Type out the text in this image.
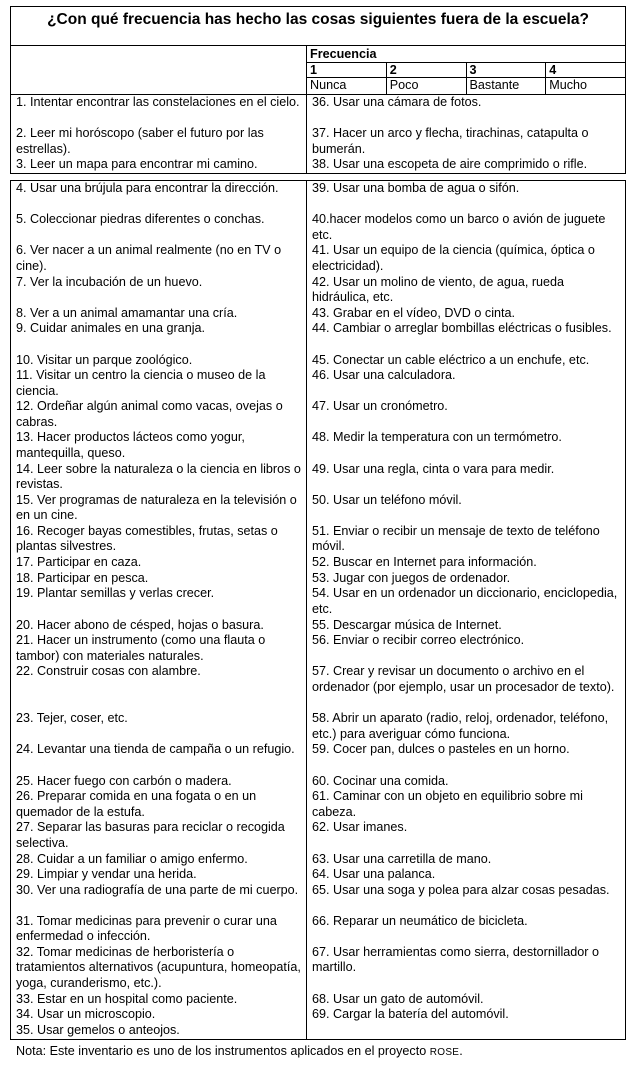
¿Con qué frecuencia has hecho las cosas siguientes fuera de la escuela?
Frecuencia
1
Nunca
2
Poco
3
Bastante
4
Mucho
1. Intentar encontrar las constelaciones en el cielo.
2. Leer mi horóscopo (saber el futuro por las estrellas).
3. Leer un mapa para encontrar mi camino.
36. Usar una cámara de fotos.
37. Hacer un arco y flecha, tirachinas, catapulta o bumerán.
38. Usar una escopeta de aire comprimido o rifle.
4. Usar una brújula para encontrar la dirección.
5. Coleccionar piedras diferentes o conchas.
6. Ver nacer a un animal realmente (no en TV o cine).
7. Ver la incubación de un huevo.
8. Ver a un animal amamantar una cría.
9. Cuidar animales en una granja.
10. Visitar un parque zoológico.
11. Visitar un centro la ciencia o museo de la ciencia.
12. Ordeñar algún animal como vacas, ovejas o cabras.
13. Hacer productos lácteos como yogur, mantequilla, queso.
14. Leer sobre la naturaleza o la ciencia en libros o revistas.
15. Ver programas de naturaleza en la televisión o en un cine.
16. Recoger bayas comestibles, frutas, setas o plantas silvestres.
17. Participar en caza.
18. Participar en pesca.
19. Plantar semillas y verlas crecer.
20. Hacer abono de césped, hojas o basura.
21. Hacer un instrumento (como una flauta o tambor) con materiales naturales.
22. Construir cosas con alambre.
23. Tejer, coser, etc.
24. Levantar una tienda de campaña o un refugio.
25. Hacer fuego con carbón o madera.
26. Preparar comida en una fogata o en un quemador de la estufa.
27. Separar las basuras para reciclar o recogida selectiva.
28. Cuidar a un familiar o amigo enfermo.
29. Limpiar y vendar una herida.
30. Ver una radiografía de una parte de mi cuerpo.
31. Tomar medicinas para prevenir o curar una enfermedad o infección.
32. Tomar medicinas de herboristería o tratamientos alternativos (acupuntura, homeopatía, yoga, curanderismo, etc.).
33. Estar en un hospital como paciente.
34. Usar un microscopio.
35. Usar gemelos o anteojos.
39. Usar una bomba de agua o sifón.
40.hacer modelos como un barco o avión de juguete etc.
41. Usar un equipo de la ciencia (química, óptica o electricidad).
42. Usar un molino de viento, de agua, rueda hidráulica, etc.
43. Grabar en el vídeo, DVD o cinta.
44. Cambiar o arreglar bombillas eléctricas o fusibles.
45. Conectar un cable eléctrico a un enchufe, etc.
46. Usar una calculadora.
47. Usar un cronómetro.
48. Medir la temperatura con un termómetro.
49. Usar una regla, cinta o vara para medir.
50. Usar un teléfono móvil.
51. Enviar o recibir un mensaje de texto de teléfono móvil.
52. Buscar en Internet para información.
53. Jugar con juegos de ordenador.
54. Usar en un ordenador un diccionario, enciclopedia, etc.
55. Descargar música de Internet.
56. Enviar o recibir correo electrónico.
57. Crear y revisar un documento o archivo en el ordenador (por ejemplo, usar un procesador de texto).
58. Abrir un aparato (radio, reloj, ordenador, teléfono, etc.) para averiguar cómo funciona.
59. Cocer pan, dulces o pasteles en un horno.
60. Cocinar una comida.
61. Caminar con un objeto en equilibrio sobre mi cabeza.
62. Usar imanes.
63. Usar una carretilla de mano.
64. Usar una palanca.
65. Usar una soga y polea para alzar cosas pesadas.
66. Reparar un neumático de bicicleta.
67. Usar herramientas como sierra, destornillador o martillo.
68. Usar un gato de automóvil.
69. Cargar la batería del automóvil.
Nota: Este inventario es uno de los instrumentos aplicados en el proyecto ROSE.
